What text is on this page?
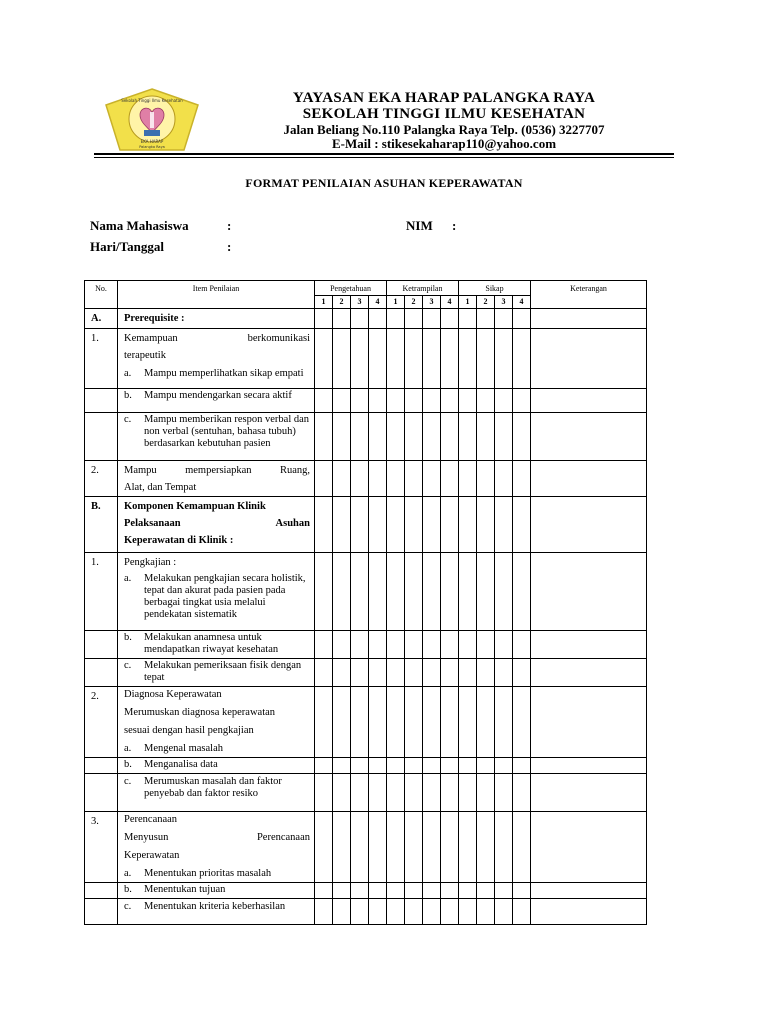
Sekolah Tinggi Ilmu Kesehatan
EKA HARAP
Palangka Raya
YAYASAN EKA HARAP PALANGKA RAYA
SEKOLAH TINGGI ILMU KESEHATAN
Jalan Beliang No.110 Palangka Raya Telp. (0536) 3227707
E-Mail : stikesekaharap110@yahoo.com
FORMAT PENILAIAN ASUHAN KEPERAWATAN
Nama Mahasiswa	:	NIM :
Hari/Tanggal	:
No.	Item Penilaian	Pengetahuan				Ketrampilan				Sikap				Keterangan
		1	2	3	4	1	2	3	4	1	2	3	4	
A.	Prerequisite :													
1.	Kemampuan berkomunikasi
terapeutik
a. Mampu memperlihatkan sikap empati													

	b. Mampu mendengarkan secara aktif													

	c. Mampu memberikan respon verbal dan non verbal (sentuhan, bahasa tubuh) berdasarkan kebutuhan pasien													

2.	Mampu mempersiapkan Ruang,
Alat, dan Tempat													

B.	Komponen Kemampuan Klinik
Pelaksanaan Asuhan
Keperawatan di Klinik :													

1.	Pengkajian :
a. Melakukan pengkajian secara holistik, tepat dan akurat pada pasien pada berbagai tingkat usia melalui pendekatan sistematik													

	b. Melakukan anamnesa untuk mendapatkan riwayat kesehatan													

	c. Melakukan pemeriksaan fisik dengan tepat													

2.	Diagnosa Keperawatan
Merumuskan diagnosa keperawatan
sesuai dengan hasil pengkajian
a. Mengenal masalah													

	b. Menganalisa data													

	c. Merumuskan masalah dan faktor penyebab dan faktor resiko													

3.	Perencanaan
Menyusun Perencanaan
Keperawatan
a. Menentukan prioritas masalah													

	b. Menentukan tujuan													

	c. Menentukan kriteria keberhasilan													
